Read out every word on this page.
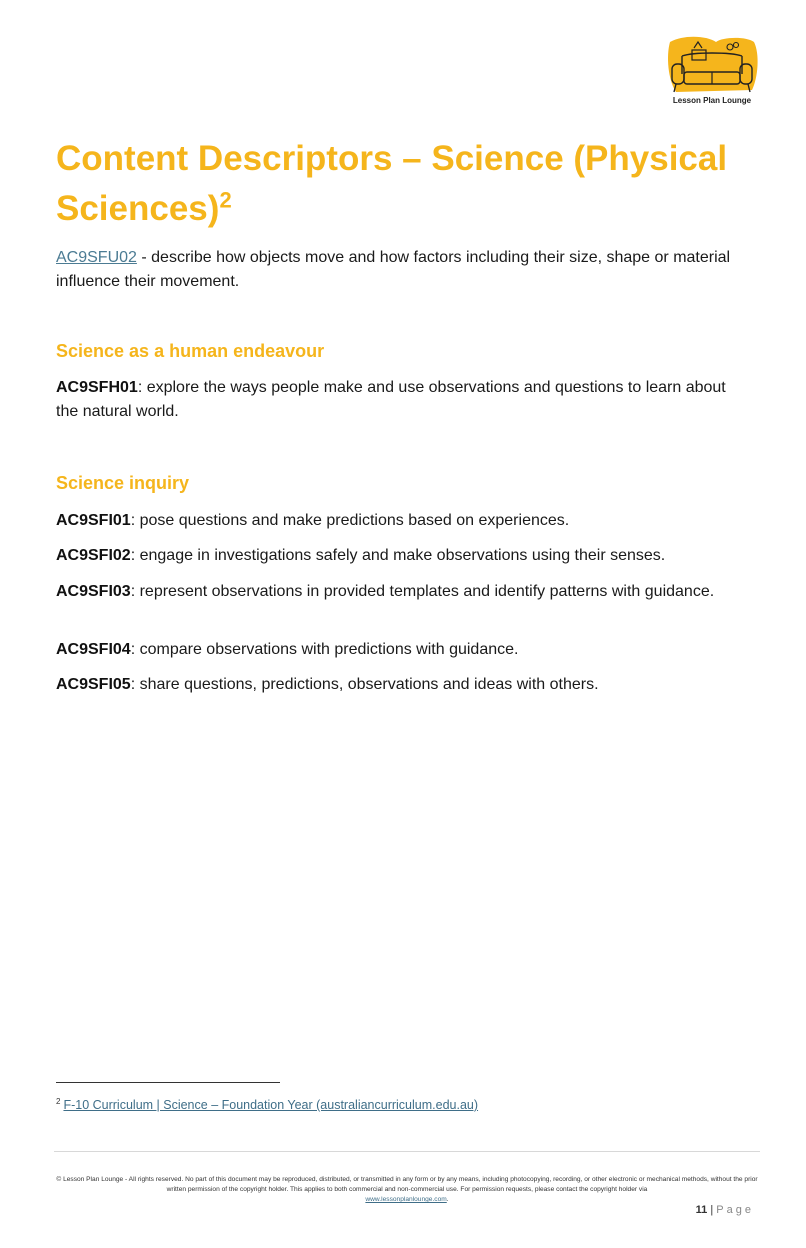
Lesson Plan Lounge
Content Descriptors – Science (Physical Sciences)$^2$

AC9SFU02 - describe how objects move and how factors including their size, shape or material influence their movement.

Science as a human endeavour

AC9SFH01: explore the ways people make and use observations and questions to learn about the natural world.

Science inquiry

AC9SFI01: pose questions and make predictions based on experiences.

AC9SFI02: engage in investigations safely and make observations using their senses.

AC9SFI03: represent observations in provided templates and identify patterns with guidance.

AC9SFI04: compare observations with predictions with guidance.

AC9SFI05: share questions, predictions, observations and ideas with others.

$^2$ F-10 Curriculum | Science – Foundation Year (australiancurriculum.edu.au)
© Lesson Plan Lounge - All rights reserved. No part of this document may be reproduced, distributed, or transmitted in any form or by any means, including photocopying, recording, or other electronic or mechanical methods, without the prior written permission of the copyright holder. This applies to both commercial and non-commercial use. For permission requests, please contact the copyright holder via
www.lessonplanlounge.com.
11 | Page
